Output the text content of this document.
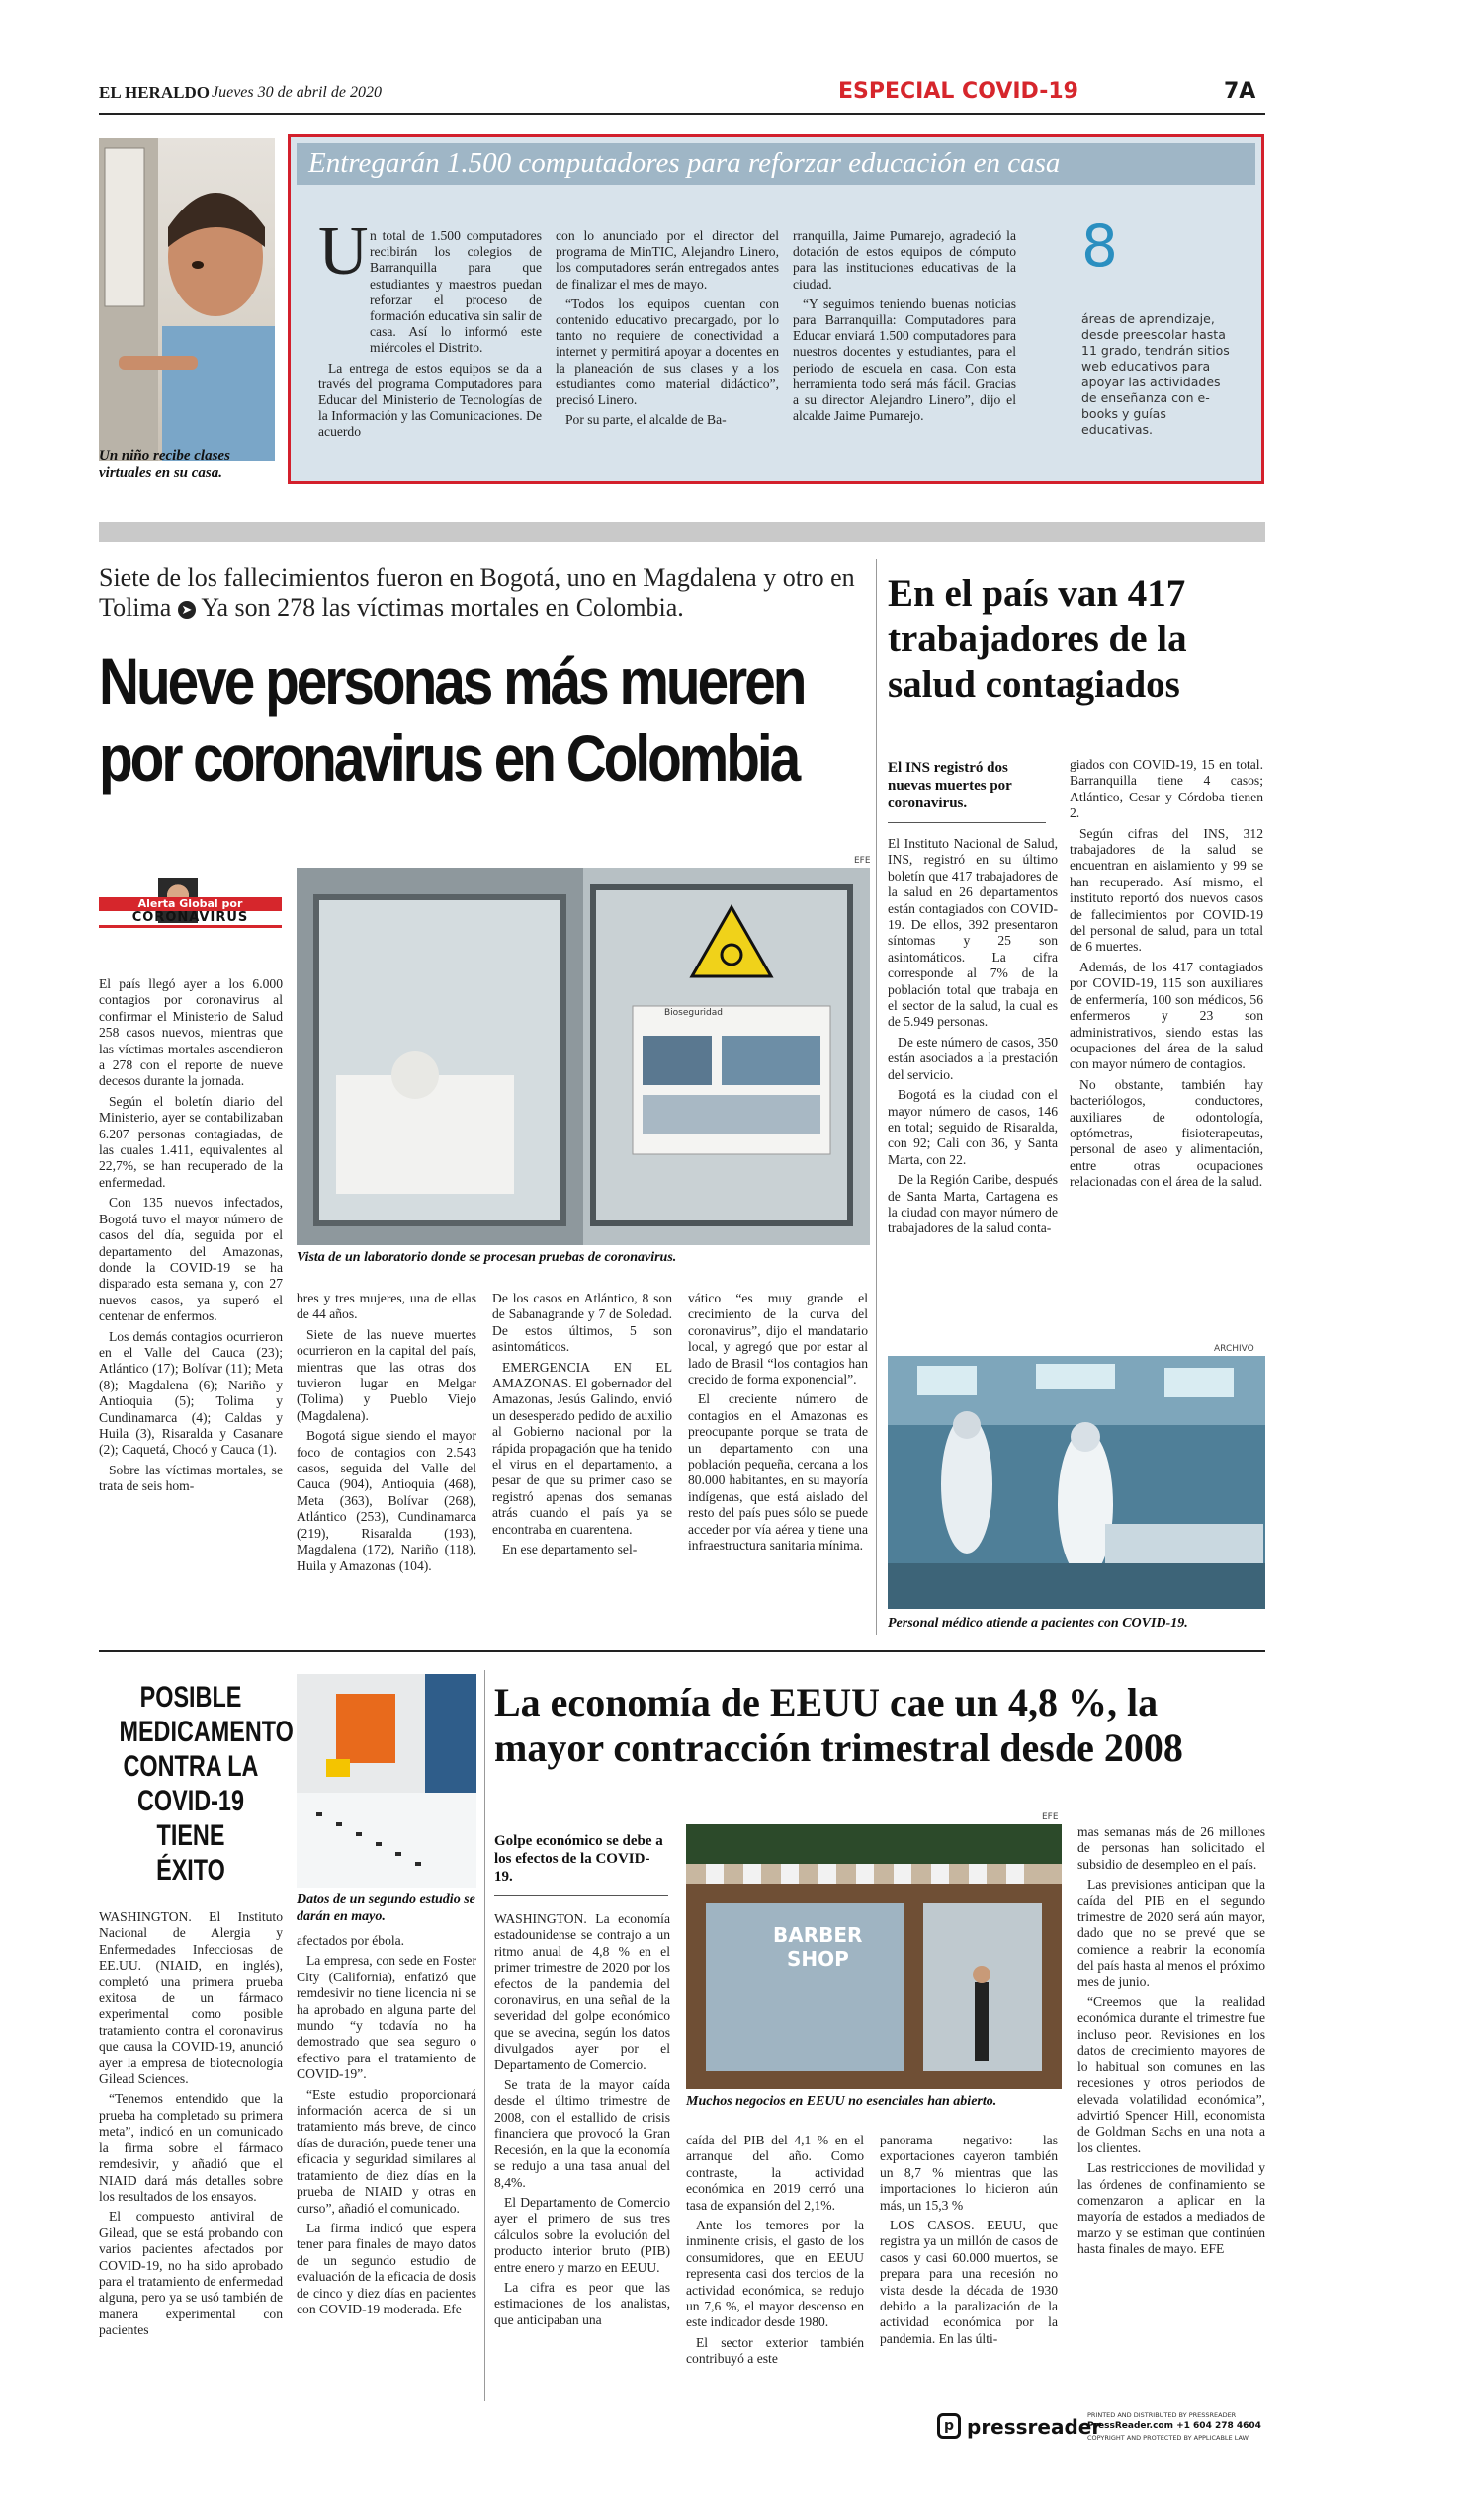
EL HERALDO Jueves 30 de abril de 2020	ESPECIAL COVID-19	7A
Un niño recibe clases virtuales en su casa.
Entregarán 1.500 computadores para reforzar educación en casa
U n total de 1.500 computadores recibirán los colegios de Barranquilla para que estudiantes y maestros puedan reforzar el proceso de formación educativa sin salir de casa. Así lo informó este miércoles el Distrito.

La entrega de estos equipos se da a través del programa Computadores para Educar del Ministerio de Tecnologías de la Información y las Comunicaciones. De acuerdo

con lo anunciado por el director del programa de MinTIC, Alejandro Linero, los computadores serán entregados antes de finalizar el mes de mayo.

“Todos los equipos cuentan con contenido educativo precargado, por lo tanto no requiere de conectividad a internet y permitirá apoyar a docentes en la planeación de sus clases y a los estudiantes como material didáctico”, precisó Linero.

Por su parte, el alcalde de Ba-

rranquilla, Jaime Pumarejo, agradeció la dotación de estos equipos de cómputo para las instituciones educativas de la ciudad.

“Y seguimos teniendo buenas noticias para Barranquilla: Computadores para Educar enviará 1.500 computadores para nuestros docentes y estudiantes, para el periodo de escuela en casa. Con esta herramienta todo será más fácil. Gracias a su director Alejandro Linero”, dijo el alcalde Jaime Pumarejo.

8
áreas de aprendizaje, desde preescolar hasta 11 grado, tendrán sitios web educativos para apoyar las actividades de enseñanza con e-books y guías educativas.
Siete de los fallecimientos fueron en Bogotá, uno en Magdalena y otro en Tolima ➤ Ya son 278 las víctimas mortales en Colombia.
Nueve personas más mueren por coronavirus en Colombia
Alerta Global por
CORONAVIRUS
EFE
Bioseguridad
Vista de un laboratorio donde se procesan pruebas de coronavirus.

El país llegó ayer a los 6.000 contagios por coronavirus al confirmar el Ministerio de Salud 258 casos nuevos, mientras que las víctimas mortales ascendieron a 278 con el reporte de nueve decesos durante la jornada.

Según el boletín diario del Ministerio, ayer se contabilizaban 6.207 personas contagiadas, de las cuales 1.411, equivalentes al 22,7%, se han recuperado de la enfermedad.

Con 135 nuevos infectados, Bogotá tuvo el mayor número de casos del día, seguida por el departamento del Amazonas, donde la COVID-19 se ha disparado esta semana y, con 27 nuevos casos, ya superó el centenar de enfermos.

Los demás contagios ocurrieron en el Valle del Cauca (23); Atlántico (17); Bolívar (11); Meta (8); Magdalena (6); Nariño y Antioquia (5); Tolima y Cundinamarca (4); Caldas y Huila (3), Risaralda y Casanare (2); Caquetá, Chocó y Cauca (1).

Sobre las víctimas mortales, se trata de seis hom-

bres y tres mujeres, una de ellas de 44 años.

Siete de las nueve muertes ocurrieron en la capital del país, mientras que las otras dos tuvieron lugar en Melgar (Tolima) y Pueblo Viejo (Magdalena).

Bogotá sigue siendo el mayor foco de contagios con 2.543 casos, seguida del Valle del Cauca (904), Antioquia (468), Meta (363), Bolívar (268), Atlántico (253), Cundinamarca (219), Risaralda (193), Magdalena (172), Nariño (118), Huila y Amazonas (104).

De los casos en Atlántico, 8 son de Sabanagrande y 7 de Soledad. De estos últimos, 5 son asintomáticos.

EMERGENCIA EN EL AMAZONAS. El gobernador del Amazonas, Jesús Galindo, envió un desesperado pedido de auxilio al Gobierno nacional por la rápida propagación que ha tenido el virus en el departamento, a pesar de que su primer caso se registró apenas dos semanas atrás cuando el país ya se encontraba en cuarentena.

En ese departamento sel-

vático “es muy grande el crecimiento de la curva del coronavirus”, dijo el mandatario local, y agregó que por estar al lado de Brasil “los contagios han crecido de forma exponencial”.

El creciente número de contagios en el Amazonas es preocupante porque se trata de un departamento con una población pequeña, cercana a los 80.000 habitantes, en su mayoría indígenas, que está aislado del resto del país pues sólo se puede acceder por vía aérea y tiene una infraestructura sanitaria mínima.

En el país van 417 trabajadores de la salud contagiados
El INS registró dos nuevas muertes por coronavirus.

El Instituto Nacional de Salud, INS, registró en su último boletín que 417 trabajadores de la salud en 26 departamentos están contagiados con COVID-19. De ellos, 392 presentaron síntomas y 25 son asintomáticos. La cifra corresponde al 7% de la población total que trabaja en el sector de la salud, la cual es de 5.949 personas.

De este número de casos, 350 están asociados a la prestación del servicio.

Bogotá es la ciudad con el mayor número de casos, 146 en total; seguido de Risaralda, con 92; Cali con 36, y Santa Marta, con 22.

De la Región Caribe, después de Santa Marta, Cartagena es la ciudad con mayor número de trabajadores de la salud conta-

giados con COVID-19, 15 en total. Barranquilla tiene 4 casos; Atlántico, Cesar y Córdoba tienen 2.

Según cifras del INS, 312 trabajadores de la salud se encuentran en aislamiento y 99 se han recuperado. Así mismo, el instituto reportó dos nuevos casos de fallecimientos por COVID-19 del personal de salud, para un total de 6 muertes.

Además, de los 417 contagiados por COVID-19, 115 son auxiliares de enfermería, 100 son médicos, 56 enfermeros y 23 son administrativos, siendo estas las ocupaciones del área de la salud con mayor número de contagios.

No obstante, también hay bacteriólogos, conductores, auxiliares de odontología, optómetras, fisioterapeutas, personal de aseo y alimentación, entre otras ocupaciones relacionadas con el área de la salud.

ARCHIVO
Personal médico atiende a pacientes con COVID-19.
POSIBLE MEDICAMENTO CONTRA LA COVID-19 TIENE ÉXITO
Datos de un segundo estudio se darán en mayo.

WASHINGTON. El Instituto Nacional de Alergia y Enfermedades Infecciosas de EE.UU. (NIAID, en inglés), completó una primera prueba exitosa de un fármaco experimental como posible tratamiento contra el coronavirus que causa la COVID-19, anunció ayer la empresa de biotecnología Gilead Sciences.

“Tenemos entendido que la prueba ha completado su primera meta”, indicó en un comunicado la firma sobre el fármaco remdesivir, y añadió que el NIAID dará más detalles sobre los resultados de los ensayos.

El compuesto antiviral de Gilead, que se está probando con varios pacientes afectados por COVID-19, no ha sido aprobado para el tratamiento de enfermedad alguna, pero ya se usó también de manera experimental con pacientes

afectados por ébola.

La empresa, con sede en Foster City (California), enfatizó que remdesivir no tiene licencia ni se ha aprobado en alguna parte del mundo “y todavía no ha demostrado que sea seguro o efectivo para el tratamiento de COVID-19”.

“Este estudio proporcionará información acerca de si un tratamiento más breve, de cinco días de duración, puede tener una eficacia y seguridad similares al tratamiento de diez días en la prueba de NIAID y otras en curso”, añadió el comunicado.

La firma indicó que espera tener para finales de mayo datos de un segundo estudio de evaluación de la eficacia de dosis de cinco y diez días en pacientes con COVID-19 moderada. Efe

La economía de EEUU cae un 4,8 %, la mayor contracción trimestral desde 2008
Golpe económico se debe a los efectos de la COVID-19.
EFE
BARBER
SHOP
Muchos negocios en EEUU no esenciales han abierto.

WASHINGTON. La economía estadounidense se contrajo a un ritmo anual de 4,8 % en el primer trimestre de 2020 por los efectos de la pandemia del coronavirus, en una señal de la severidad del golpe económico que se avecina, según los datos divulgados ayer por el Departamento de Comercio.

Se trata de la mayor caída desde el último trimestre de 2008, con el estallido de crisis financiera que provocó la Gran Recesión, en la que la economía se redujo a una tasa anual del 8,4%.

El Departamento de Comercio ayer el primero de sus tres cálculos sobre la evolución del producto interior bruto (PIB) entre enero y marzo en EEUU.

La cifra es peor que las estimaciones de los analistas, que anticipaban una

caída del PIB del 4,1 % en el arranque del año. Como contraste, la actividad económica en 2019 cerró una tasa de expansión del 2,1%.

Ante los temores por la inminente crisis, el gasto de los consumidores, que en EEUU representa casi dos tercios de la actividad económica, se redujo un 7,6 %, el mayor descenso en este indicador desde 1980.

El sector exterior también contribuyó a este

panorama negativo: las exportaciones cayeron también un 8,7 % mientras que las importaciones lo hicieron aún más, un 15,3 %

LOS CASOS. EEUU, que registra ya un millón de casos de casos y casi 60.000 muertos, se prepara para una recesión no vista desde la década de 1930 debido a la paralización de la actividad económica por la pandemia. En las últi-

mas semanas más de 26 millones de personas han solicitado el subsidio de desempleo en el país.

Las previsiones anticipan que la caída del PIB en el segundo trimestre de 2020 será aún mayor, dado que no se prevé que se comience a reabrir la economía del país hasta al menos el próximo mes de junio.

“Creemos que la realidad económica durante el trimestre fue incluso peor. Revisiones en los datos de crecimiento mayores de lo habitual son comunes en las recesiones y otros periodos de elevada volatilidad económica”, advirtió Spencer Hill, economista de Goldman Sachs en una nota a los clientes.

Las restricciones de movilidad y las órdenes de confinamiento se comenzaron a aplicar en la mayoría de estados a mediados de marzo y se estiman que continúen hasta finales de mayo. EFE

p pressreader
PRINTED AND DISTRIBUTED BY PRESSREADER
PressReader.com +1 604 278 4604
COPYRIGHT AND PROTECTED BY APPLICABLE LAW
